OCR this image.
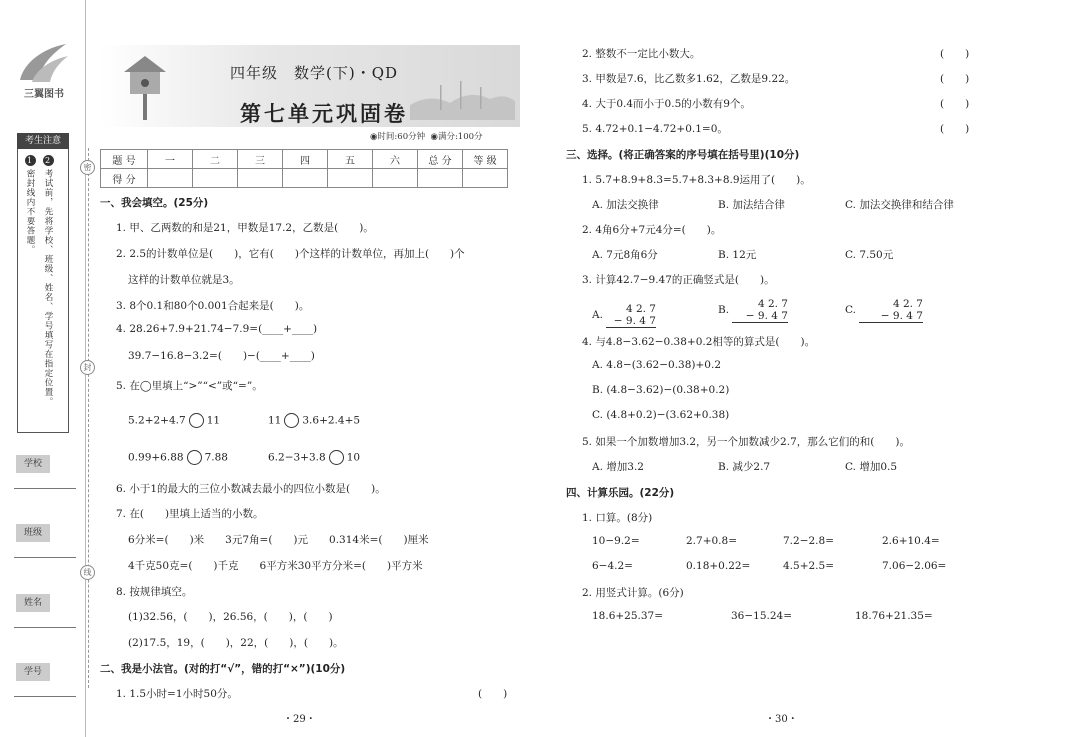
三翼图书
考生注意
1密封线内不要答题。
2考试前，先将学校、班级、姓名、学号填写在指定位置。
学校
班级
姓名
学号
密
封
线
四年级　数学(下)・QD
第七单元巩固卷
◉时间:60分钟 ◉满分:100分
题 号	一	二	三	四	五	六	总 分	等 级
得 分								
一、我会填空。(25分)
1. 甲、乙两数的和是21，甲数是17.2，乙数是(　　)。
2. 2.5的计数单位是(　　)，它有(　　)个这样的计数单位，再加上(　　)个
这样的计数单位就是3。
3. 8个0.1和80个0.001合起来是(　　)。
4. 28.26+7.9+21.74−7.9=(____+____)
39.7−16.8−3.2=(　　)−(____+____)
5. 在◯里填上“>”“<”或“=”。
5.2+2+4.7 11	11 3.6+2.4+5
0.99+6.88 7.88	6.2−3+3.8 10
6. 小于1的最大的三位小数减去最小的四位小数是(　　)。
7. 在(　　)里填上适当的小数。
6分米=(　　)米　　3元7角=(　　)元　　0.314米=(　　)厘米
4千克50克=(　　)千克　　6平方米30平方分米=(　　)平方米
8. 按规律填空。
(1)32.56，(　　)，26.56，(　　)，(　　)
(2)17.5，19，(　　)，22，(　　)，(　　)。
二、我是小法官。(对的打“√”，错的打“×”)(10分)
1. 1.5小时=1小时50分。	(　　)
・29・
2. 整数不一定比小数大。	(　　)
3. 甲数是7.6，比乙数多1.62，乙数是9.22。	(　　)
4. 大于0.4而小于0.5的小数有9个。	(　　)
5. 4.72+0.1−4.72+0.1=0。	(　　)
三、选择。(将正确答案的序号填在括号里)(10分)
1. 5.7+8.9+8.3=5.7+8.3+8.9运用了(　　)。
A. 加法交换律	B. 加法结合律	C. 加法交换律和结合律
2. 4角6分+7元4分=(　　)。
A. 7元8角6分	B. 12元	C. 7.50元
3. 计算42.7−9.47的正确竖式是(　　)。
A.	4 2. 7
− 9. 4 7
B.	4 2. 7
− 9. 4 7	C.	4 2. 7
− 9. 4 7
4. 与4.8−3.62−0.38+0.2相等的算式是(　　)。
A. 4.8−(3.62−0.38)+0.2
B. (4.8−3.62)−(0.38+0.2)
C. (4.8+0.2)−(3.62+0.38)
5. 如果一个加数增加3.2，另一个加数减少2.7，那么它们的和(　　)。
A. 增加3.2	B. 减少2.7	C. 增加0.5
四、计算乐园。(22分)
1. 口算。(8分)
10−9.2=	2.7+0.8=	7.2−2.8=	2.6+10.4=
6−4.2=	0.18+0.22=	4.5+2.5=	7.06−2.06=
2. 用竖式计算。(6分)
18.6+25.37=	36−15.24=	18.76+21.35=
・30・
